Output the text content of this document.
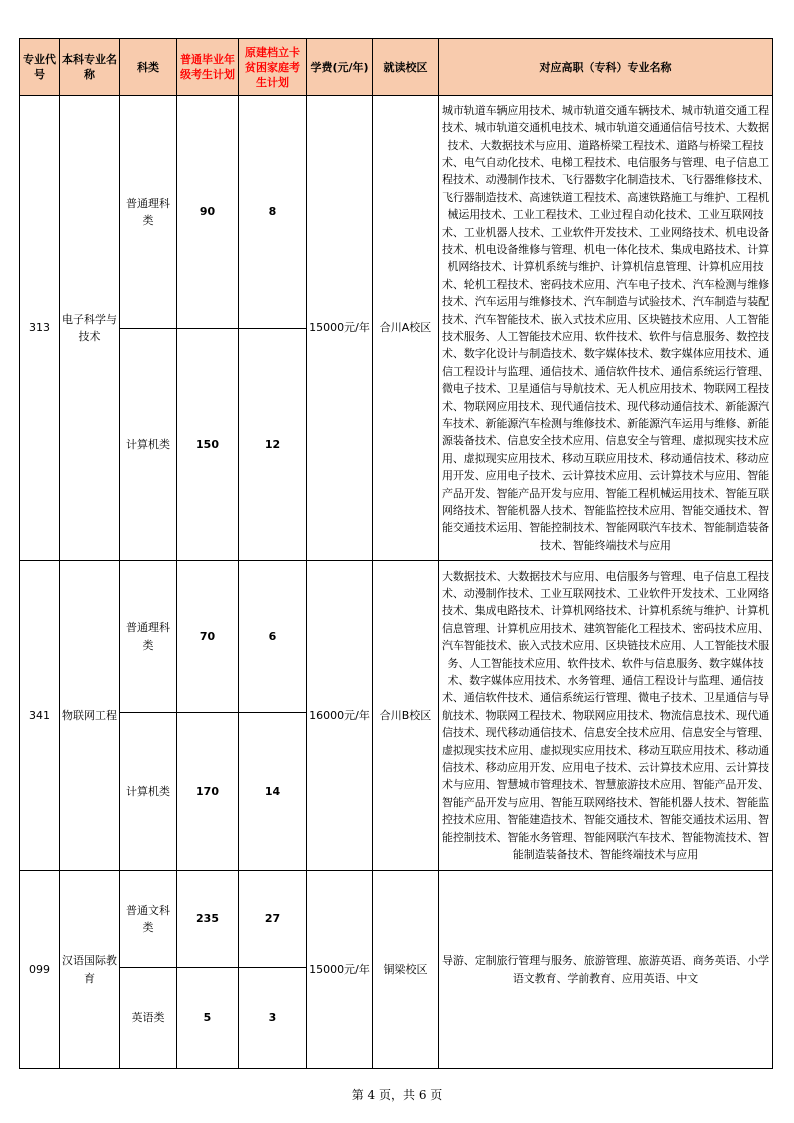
专业代号	本科专业名称	科类	普通毕业年级考生计划	原建档立卡贫困家庭考生计划	学费(元/年)	就读校区	对应高职（专科）专业名称
313	电子科学与技术	普通理科类	90	8	15000元/年	合川A校区	城市轨道车辆应用技术、城市轨道交通车辆技术、城市轨道交通工程技术、城市轨道交通机电技术、城市轨道交通通信信号技术、大数据技术、大数据技术与应用、道路桥梁工程技术、道路与桥梁工程技术、电气自动化技术、电梯工程技术、电信服务与管理、电子信息工程技术、动漫制作技术、飞行器数字化制造技术、飞行器维修技术、飞行器制造技术、高速铁道工程技术、高速铁路施工与维护、工程机械运用技术、工业工程技术、工业过程自动化技术、工业互联网技术、工业机器人技术、工业软件开发技术、工业网络技术、机电设备技术、机电设备维修与管理、机电一体化技术、集成电路技术、计算机网络技术、计算机系统与维护、计算机信息管理、计算机应用技术、轮机工程技术、密码技术应用、汽车电子技术、汽车检测与维修技术、汽车运用与维修技术、汽车制造与试验技术、汽车制造与装配技术、汽车智能技术、嵌入式技术应用、区块链技术应用、人工智能技术服务、人工智能技术应用、软件技术、软件与信息服务、数控技术、数字化设计与制造技术、数字媒体技术、数字媒体应用技术、通信工程设计与监理、通信技术、通信软件技术、通信系统运行管理、微电子技术、卫星通信与导航技术、无人机应用技术、物联网工程技术、物联网应用技术、现代通信技术、现代移动通信技术、新能源汽车技术、新能源汽车检测与维修技术、新能源汽车运用与维修、新能源装备技术、信息安全技术应用、信息安全与管理、虚拟现实技术应用、虚拟现实应用技术、移动互联应用技术、移动通信技术、移动应用开发、应用电子技术、云计算技术应用、云计算技术与应用、智能产品开发、智能产品开发与应用、智能工程机械运用技术、智能互联网络技术、智能机器人技术、智能监控技术应用、智能交通技术、智能交通技术运用、智能控制技术、智能网联汽车技术、智能制造装备技术、智能终端技术与应用
		计算机类	150	12			
341	物联网工程	普通理科类	70	6	16000元/年	合川B校区	大数据技术、大数据技术与应用、电信服务与管理、电子信息工程技术、动漫制作技术、工业互联网技术、工业软件开发技术、工业网络技术、集成电路技术、计算机网络技术、计算机系统与维护、计算机信息管理、计算机应用技术、建筑智能化工程技术、密码技术应用、汽车智能技术、嵌入式技术应用、区块链技术应用、人工智能技术服务、人工智能技术应用、软件技术、软件与信息服务、数字媒体技术、数字媒体应用技术、水务管理、通信工程设计与监理、通信技术、通信软件技术、通信系统运行管理、微电子技术、卫星通信与导航技术、物联网工程技术、物联网应用技术、物流信息技术、现代通信技术、现代移动通信技术、信息安全技术应用、信息安全与管理、虚拟现实技术应用、虚拟现实应用技术、移动互联应用技术、移动通信技术、移动应用开发、应用电子技术、云计算技术应用、云计算技术与应用、智慧城市管理技术、智慧旅游技术应用、智能产品开发、智能产品开发与应用、智能互联网络技术、智能机器人技术、智能监控技术应用、智能建造技术、智能交通技术、智能交通技术运用、智能控制技术、智能水务管理、智能网联汽车技术、智能物流技术、智能制造装备技术、智能终端技术与应用
		计算机类	170	14			
099	汉语国际教育	普通文科类	235	27	15000元/年	铜梁校区	导游、定制旅行管理与服务、旅游管理、旅游英语、商务英语、小学语文教育、学前教育、应用英语、中文
		英语类	5	3			
第 4 页，共 6 页
